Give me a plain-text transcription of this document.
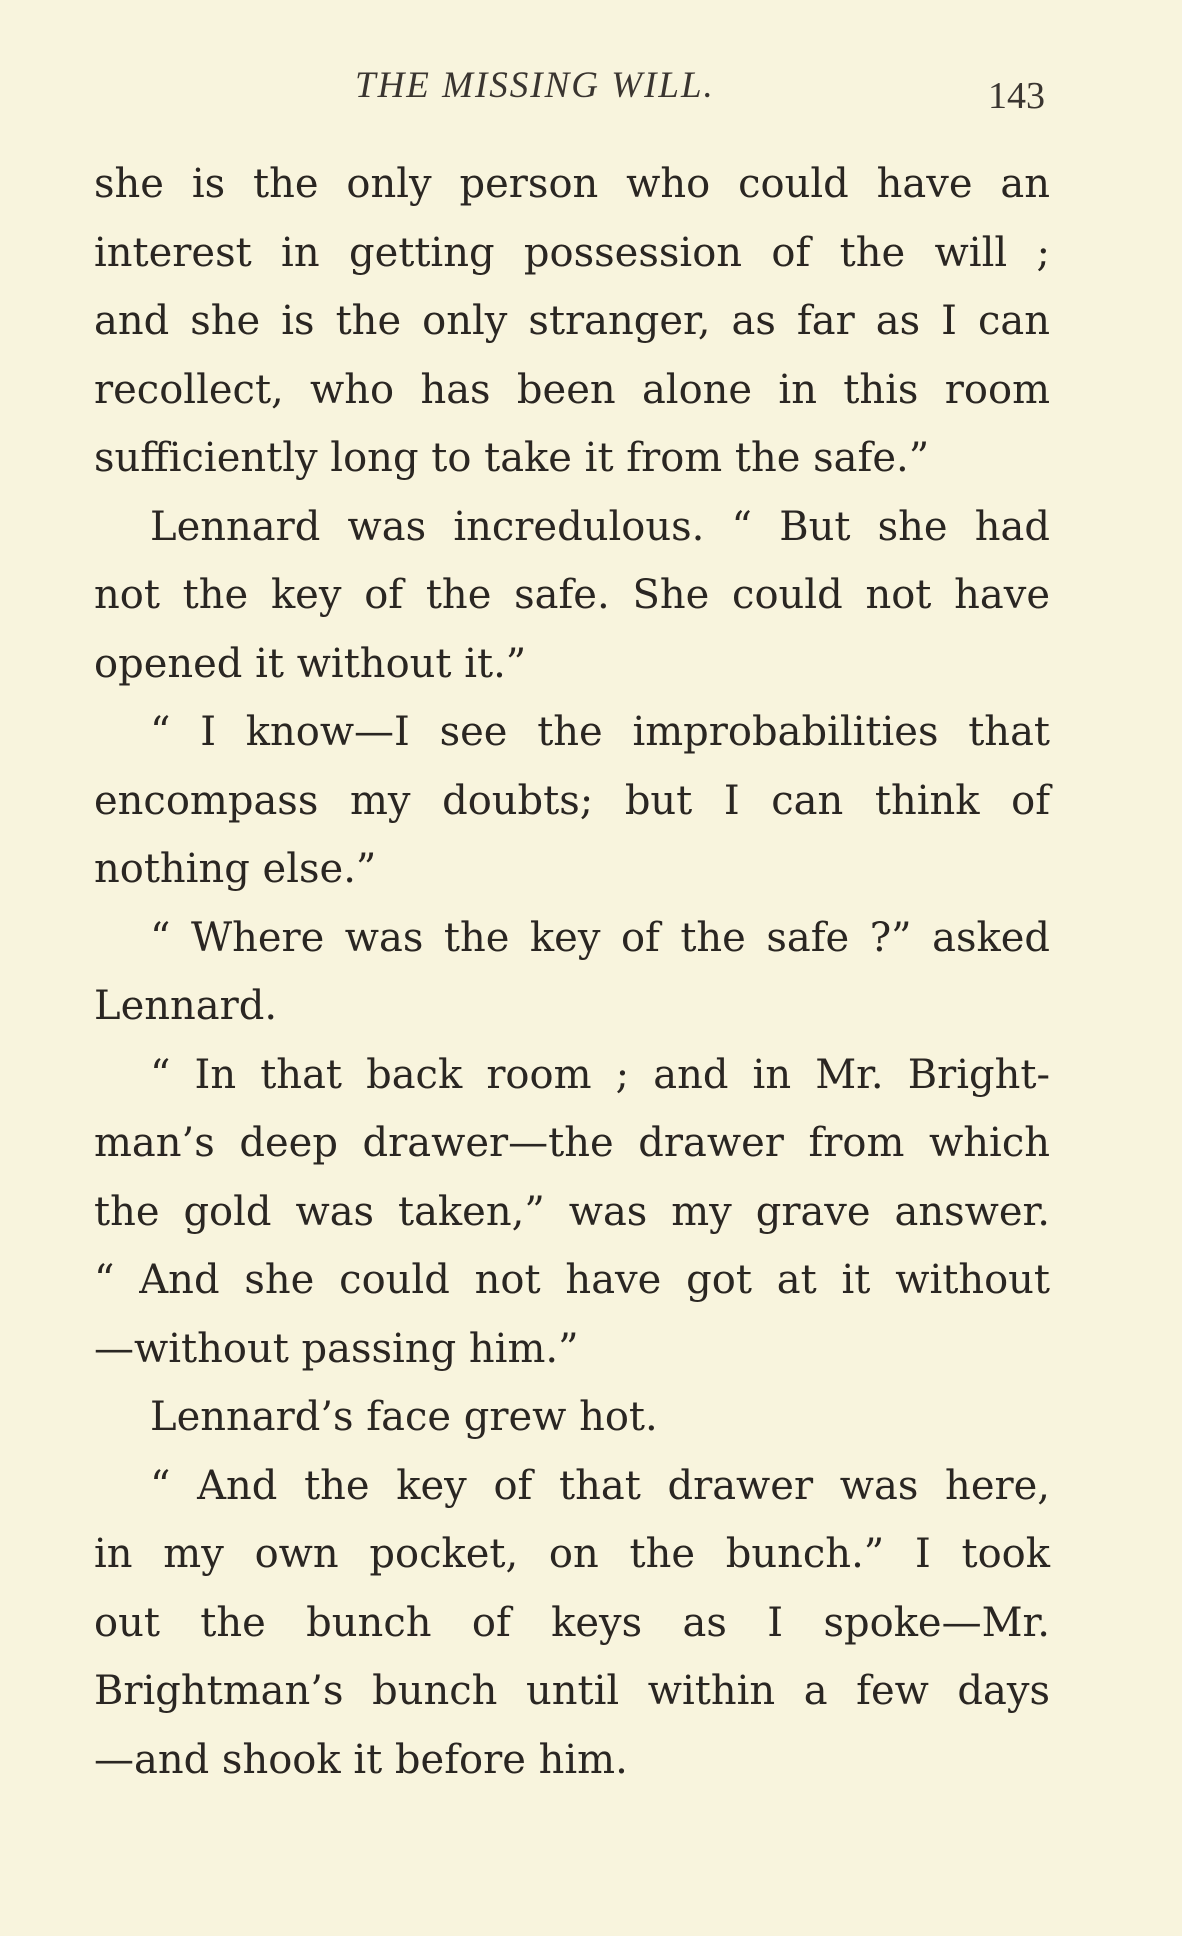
THE MISSING WILL.	143
she is the only person who could have an
interest in getting possession of the will ;
and she is the only stranger, as far as I can
recollect, who has been alone in this room
sufficiently long to take it from the safe.”
Lennard was incredulous. “ But she had
not the key of the safe. She could not have
opened it without it.”
“ I know—I see the improbabilities that
encompass my doubts; but I can think of
nothing else.”
“ Where was the key of the safe ?” asked
Lennard.
“ In that back room ; and in Mr. Bright-
man’s deep drawer—the drawer from which
the gold was taken,” was my grave answer.
“ And she could not have got at it without
—without passing him.”
Lennard’s face grew hot.
“ And the key of that drawer was here,
in my own pocket, on the bunch.” I took
out the bunch of keys as I spoke—Mr.
Brightman’s bunch until within a few days
—and shook it before him.
